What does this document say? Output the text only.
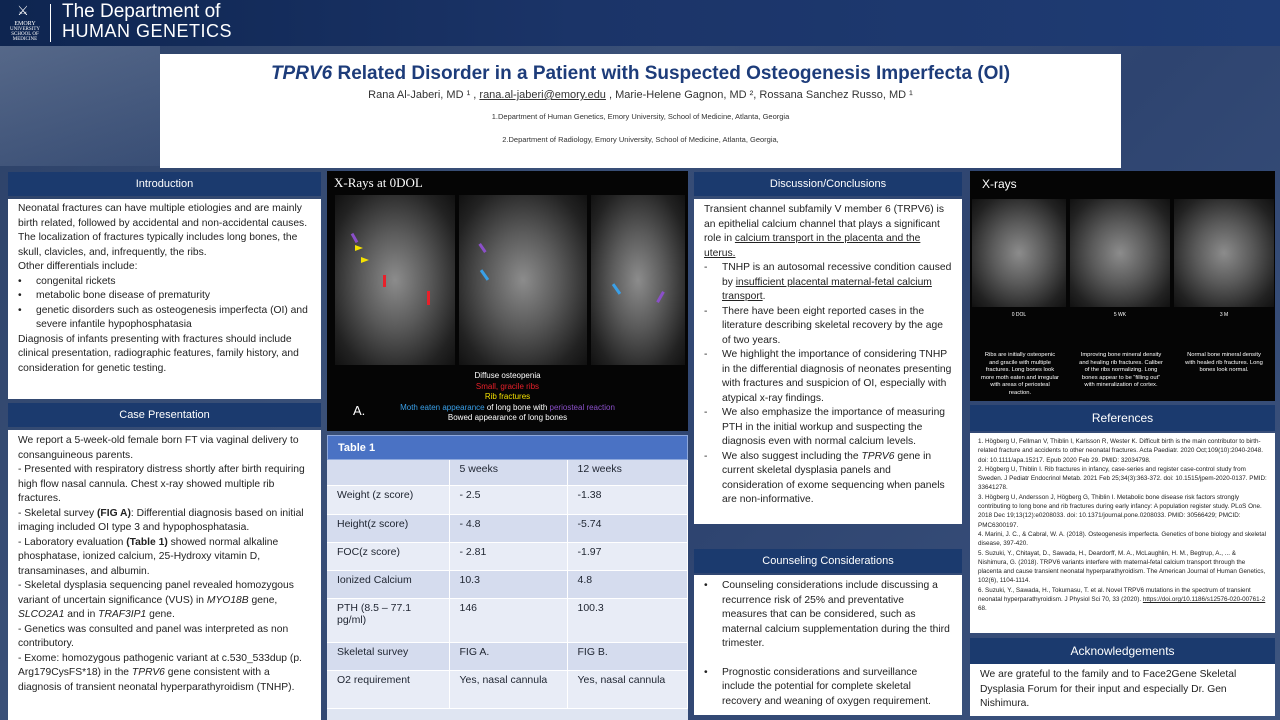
⚔
EMORY
UNIVERSITY SCHOOL OF MEDICINE
The Department of
HUMAN GENETICS
TPRV6 Related Disorder in a Patient with Suspected Osteogenesis Imperfecta (OI)
Rana Al-Jaberi, MD ¹ , rana.al-jaberi@emory.edu , Marie-Helene Gagnon, MD ², Rossana Sanchez Russo, MD ¹
1.Department of Human Genetics, Emory University, School of Medicine, Atlanta, Georgia
2.Department of Radiology, Emory University, School of Medicine, Atlanta, Georgia,
Introduction

Neonatal fractures can have multiple etiologies and are mainly birth related, followed by accidental and non-accidental causes.

The localization of fractures typically includes long bones, the skull, clavicles, and, infrequently, the ribs.

Other differentials include:

• congenital rickets
• metabolic bone disease of prematurity
• genetic disorders such as osteogenesis imperfecta (OI) and severe infantile hypophosphatasia

Diagnosis of infants presenting with fractures should include clinical presentation, radiographic features, family history, and consideration for genetic testing.

Case Presentation

We report a 5-week-old female born FT via vaginal delivery to consanguineous parents.

- Presented with respiratory distress shortly after birth requiring high flow nasal cannula. Chest x-ray showed multiple rib fractures.

- Skeletal survey (FIG A): Differential diagnosis based on initial imaging included OI type 3 and hypophosphatasia.

- Laboratory evaluation (Table 1) showed normal alkaline phosphatase, ionized calcium, 25-Hydroxy vitamin D, transaminases, and albumin.

- Skeletal dysplasia sequencing panel revealed homozygous variant of uncertain significance (VUS) in MYO18B gene, SLCO2A1 and in TRAF3IP1 gene.

- Genetics was consulted and panel was interpreted as non contributory.

- Exome: homozygous pathogenic variant at c.530_533dup (p. Arg179CysFS*18) in the TPRV6 gene consistent with a diagnosis of transient neonatal hyperparathyroidism (TNHP).

X-Rays at 0DOL
Diffuse osteopenia
Small, gracile ribs
Rib fractures
Moth eaten appearance of long bone with periosteal reaction
Bowed appearance of long bones
A.
Table 1
	5 weeks	12 weeks
Weight (z score)	- 2.5	-1.38
Height(z score)	- 4.8	-5.74
FOC(z score)	- 2.81	-1.97
Ionized Calcium	10.3	4.8
PTH (8.5 – 77.1 pg/ml)	146	100.3
Skeletal survey	FIG A.	FIG B.
O2 requirement	Yes, nasal cannula	Yes, nasal cannula
Discussion/Conclusions

Transient channel subfamily V member 6 (TRPV6) is an epithelial calcium channel that plays a significant role in calcium transport in the placenta and the uterus.

- TNHP is an autosomal recessive condition caused by insufficient placental maternal-fetal calcium transport.
- There have been eight reported cases in the literature describing skeletal recovery by the age of two years.
- We highlight the importance of considering TNHP in the differential diagnosis of neonates presenting with fractures and suspicion of OI, especially with atypical x-ray findings.
- We also emphasize the importance of measuring PTH in the initial workup and suspecting the diagnosis even with normal calcium levels.
- We also suggest including the TPRV6 gene in current skeletal dysplasia panels and consideration of exome sequencing when panels are non-informative.
Counseling Considerations
• Counseling considerations include discussing a recurrence risk of 25% and preventative measures that can be considered, such as maternal calcium supplementation during the third trimester.
• Prognostic considerations and surveillance include the potential for complete skeletal recovery and weaning of oxygen requirement.
X-rays
0 DOL	5 WK	3 M
Ribs are initially osteopenic and gracile with multiple fractures. Long bones look more moth eaten and irregular with areas of periosteal reaction.
Improving bone mineral density and healing rib fractures. Caliber of the ribs normalizing. Long bones appear to be “filling out” with mineralization of cortex.
Normal bone mineral density with healed rib fractures. Long bones look normal.
References

1. Högberg U, Fellman V, Thiblin I, Karlsson R, Wester K. Difficult birth is the main contributor to birth-related fracture and accidents to other neonatal fractures. Acta Paediatr. 2020 Oct;109(10):2040-2048. doi: 10.1111/apa.15217. Epub 2020 Feb 29. PMID: 32034798.

2. Högberg U, Thiblin I. Rib fractures in infancy, case-series and register case-control study from Sweden. J Pediatr Endocrinol Metab. 2021 Feb 25;34(3):363-372. doi: 10.1515/jpem-2020-0137. PMID: 33641278.

3. Högberg U, Andersson J, Högberg G, Thiblin I. Metabolic bone disease risk factors strongly contributing to long bone and rib fractures during early infancy: A population register study. PLoS One. 2018 Dec 19;13(12):e0208033. doi: 10.1371/journal.pone.0208033. PMID: 30566429; PMCID: PMC6300197.

4. Marini, J. C., & Cabral, W. A. (2018). Osteogenesis imperfecta. Genetics of bone biology and skeletal disease, 397-420.

5. Suzuki, Y., Chitayat, D., Sawada, H., Deardorff, M. A., McLaughlin, H. M., Begtrup, A., ... & Nishimura, G. (2018). TRPV6 variants interfere with maternal-fetal calcium transport through the placenta and cause transient neonatal hyperparathyroidism. The American Journal of Human Genetics, 102(6), 1104-1114.

6. Suzuki, Y., Sawada, H., Tokumasu, T. et al. Novel TRPV6 mutations in the spectrum of transient neonatal hyperparathyroidism. J Physiol Sci 70, 33 (2020). https://doi.org/10.1186/s12576-020-00761-2 68.

Acknowledgements

We are grateful to the family and to Face2Gene Skeletal Dysplasia Forum for their input and especially Dr. Gen Nishimura.
